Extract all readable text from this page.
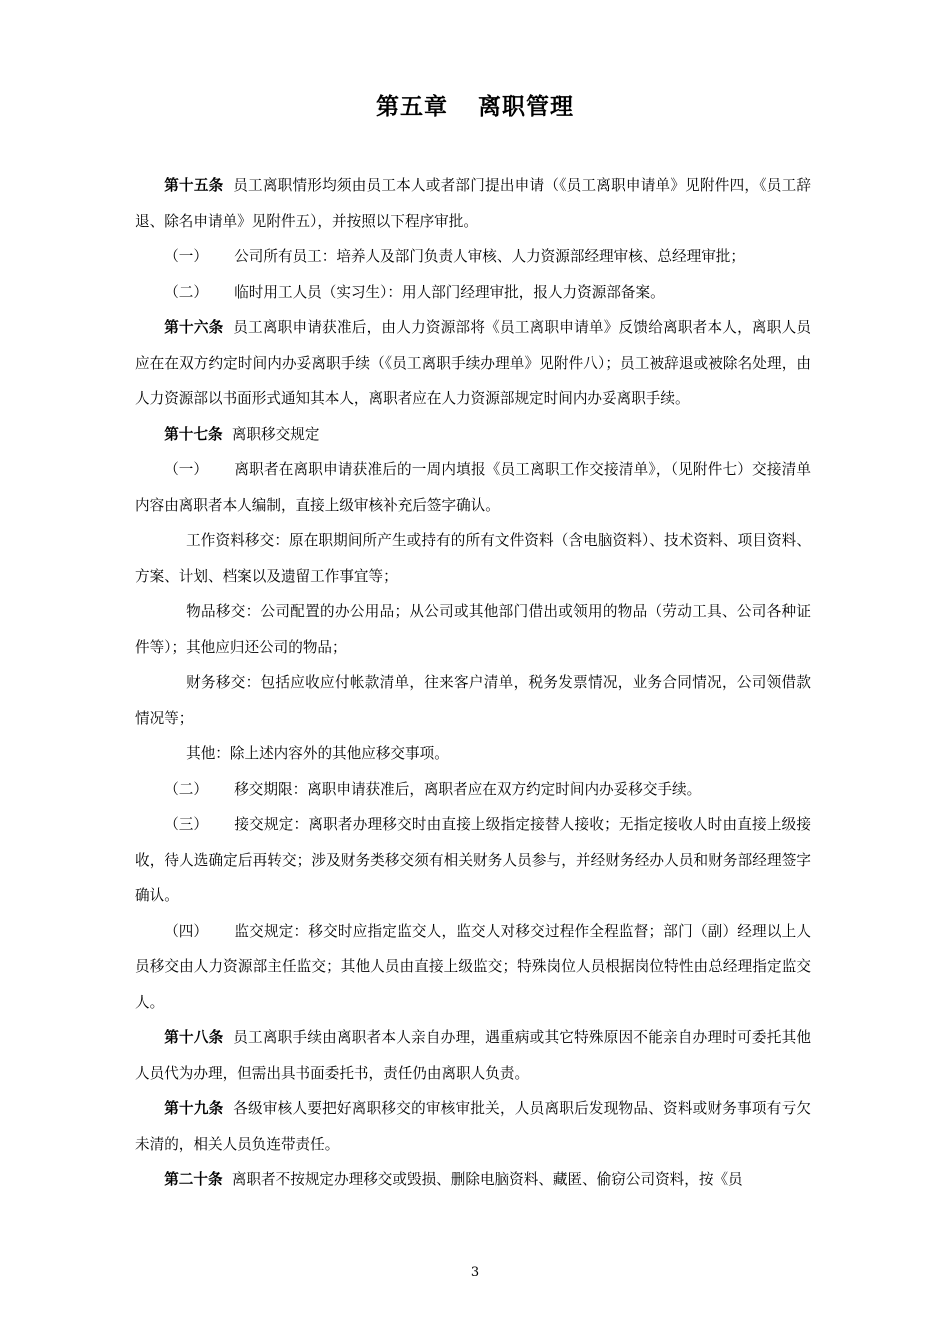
第五章 离职管理

第十五条 员工离职情形均须由员工本人或者部门提出申请（《员工离职申请单》见附件四，《员工辞退、除名申请单》见附件五），并按照以下程序审批。

（一） 公司所有员工：培养人及部门负责人审核、人力资源部经理审核、总经理审批；

（二） 临时用工人员（实习生）：用人部门经理审批，报人力资源部备案。

第十六条 员工离职申请获准后，由人力资源部将《员工离职申请单》反馈给离职者本人，离职人员应在在双方约定时间内办妥离职手续（《员工离职手续办理单》见附件八）；员工被辞退或被除名处理，由人力资源部以书面形式通知其本人，离职者应在人力资源部规定时间内办妥离职手续。

第十七条 离职移交规定

（一） 离职者在离职申请获准后的一周内填报《员工离职工作交接清单》，（见附件七）交接清单内容由离职者本人编制，直接上级审核补充后签字确认。

工作资料移交：原在职期间所产生或持有的所有文件资料（含电脑资料）、技术资料、项目资料、方案、计划、档案以及遗留工作事宜等；

物品移交：公司配置的办公用品；从公司或其他部门借出或领用的物品（劳动工具、公司各种证件等）；其他应归还公司的物品；

财务移交：包括应收应付帐款清单，往来客户清单，税务发票情况，业务合同情况，公司领借款情况等；

其他：除上述内容外的其他应移交事项。

（二） 移交期限：离职申请获准后，离职者应在双方约定时间内办妥移交手续。

（三） 接交规定：离职者办理移交时由直接上级指定接替人接收；无指定接收人时由直接上级接收，待人选确定后再转交；涉及财务类移交须有相关财务人员参与，并经财务经办人员和财务部经理签字确认。

（四） 监交规定：移交时应指定监交人，监交人对移交过程作全程监督；部门（副）经理以上人员移交由人力资源部主任监交；其他人员由直接上级监交；特殊岗位人员根据岗位特性由总经理指定监交人。

第十八条 员工离职手续由离职者本人亲自办理，遇重病或其它特殊原因不能亲自办理时可委托其他人员代为办理，但需出具书面委托书，责任仍由离职人负责。

第十九条 各级审核人要把好离职移交的审核审批关，人员离职后发现物品、资料或财务事项有亏欠未清的，相关人员负连带责任。

第二十条 离职者不按规定办理移交或毁损、删除电脑资料、藏匿、偷窃公司资料，按《员

3
